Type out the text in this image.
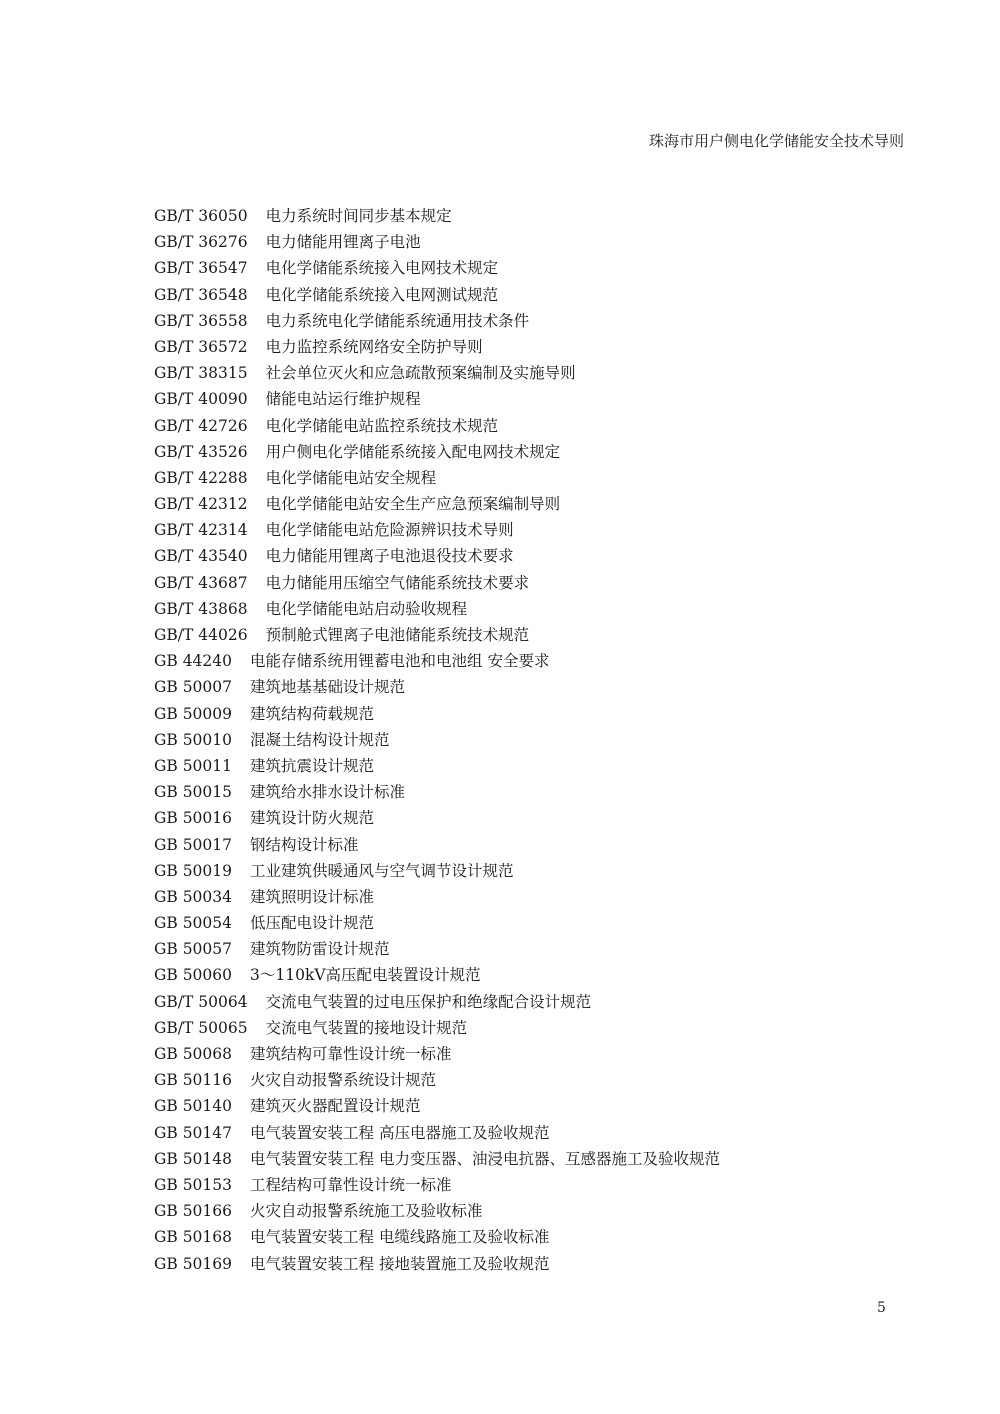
珠海市用户侧电化学储能安全技术导则
GB/T 36050 电力系统时间同步基本规定
GB/T 36276 电力储能用锂离子电池
GB/T 36547 电化学储能系统接入电网技术规定
GB/T 36548 电化学储能系统接入电网测试规范
GB/T 36558 电力系统电化学储能系统通用技术条件
GB/T 36572 电力监控系统网络安全防护导则
GB/T 38315 社会单位灭火和应急疏散预案编制及实施导则
GB/T 40090 储能电站运行维护规程
GB/T 42726 电化学储能电站监控系统技术规范
GB/T 43526 用户侧电化学储能系统接入配电网技术规定
GB/T 42288 电化学储能电站安全规程
GB/T 42312 电化学储能电站安全生产应急预案编制导则
GB/T 42314 电化学储能电站危险源辨识技术导则
GB/T 43540 电力储能用锂离子电池退役技术要求
GB/T 43687 电力储能用压缩空气储能系统技术要求
GB/T 43868 电化学储能电站启动验收规程
GB/T 44026 预制舱式锂离子电池储能系统技术规范
GB 44240 电能存储系统用锂蓄电池和电池组 安全要求
GB 50007 建筑地基基础设计规范
GB 50009 建筑结构荷载规范
GB 50010 混凝土结构设计规范
GB 50011 建筑抗震设计规范
GB 50015 建筑给水排水设计标准
GB 50016 建筑设计防火规范
GB 50017 钢结构设计标准
GB 50019 工业建筑供暖通风与空气调节设计规范
GB 50034 建筑照明设计标准
GB 50054 低压配电设计规范
GB 50057 建筑物防雷设计规范
GB 50060 3～110kV高压配电装置设计规范
GB/T 50064 交流电气装置的过电压保护和绝缘配合设计规范
GB/T 50065 交流电气装置的接地设计规范
GB 50068 建筑结构可靠性设计统一标准
GB 50116 火灾自动报警系统设计规范
GB 50140 建筑灭火器配置设计规范
GB 50147 电气装置安装工程 高压电器施工及验收规范
GB 50148 电气装置安装工程 电力变压器、油浸电抗器、互感器施工及验收规范
GB 50153 工程结构可靠性设计统一标准
GB 50166 火灾自动报警系统施工及验收标准
GB 50168 电气装置安装工程 电缆线路施工及验收标准
GB 50169 电气装置安装工程 接地装置施工及验收规范
5
